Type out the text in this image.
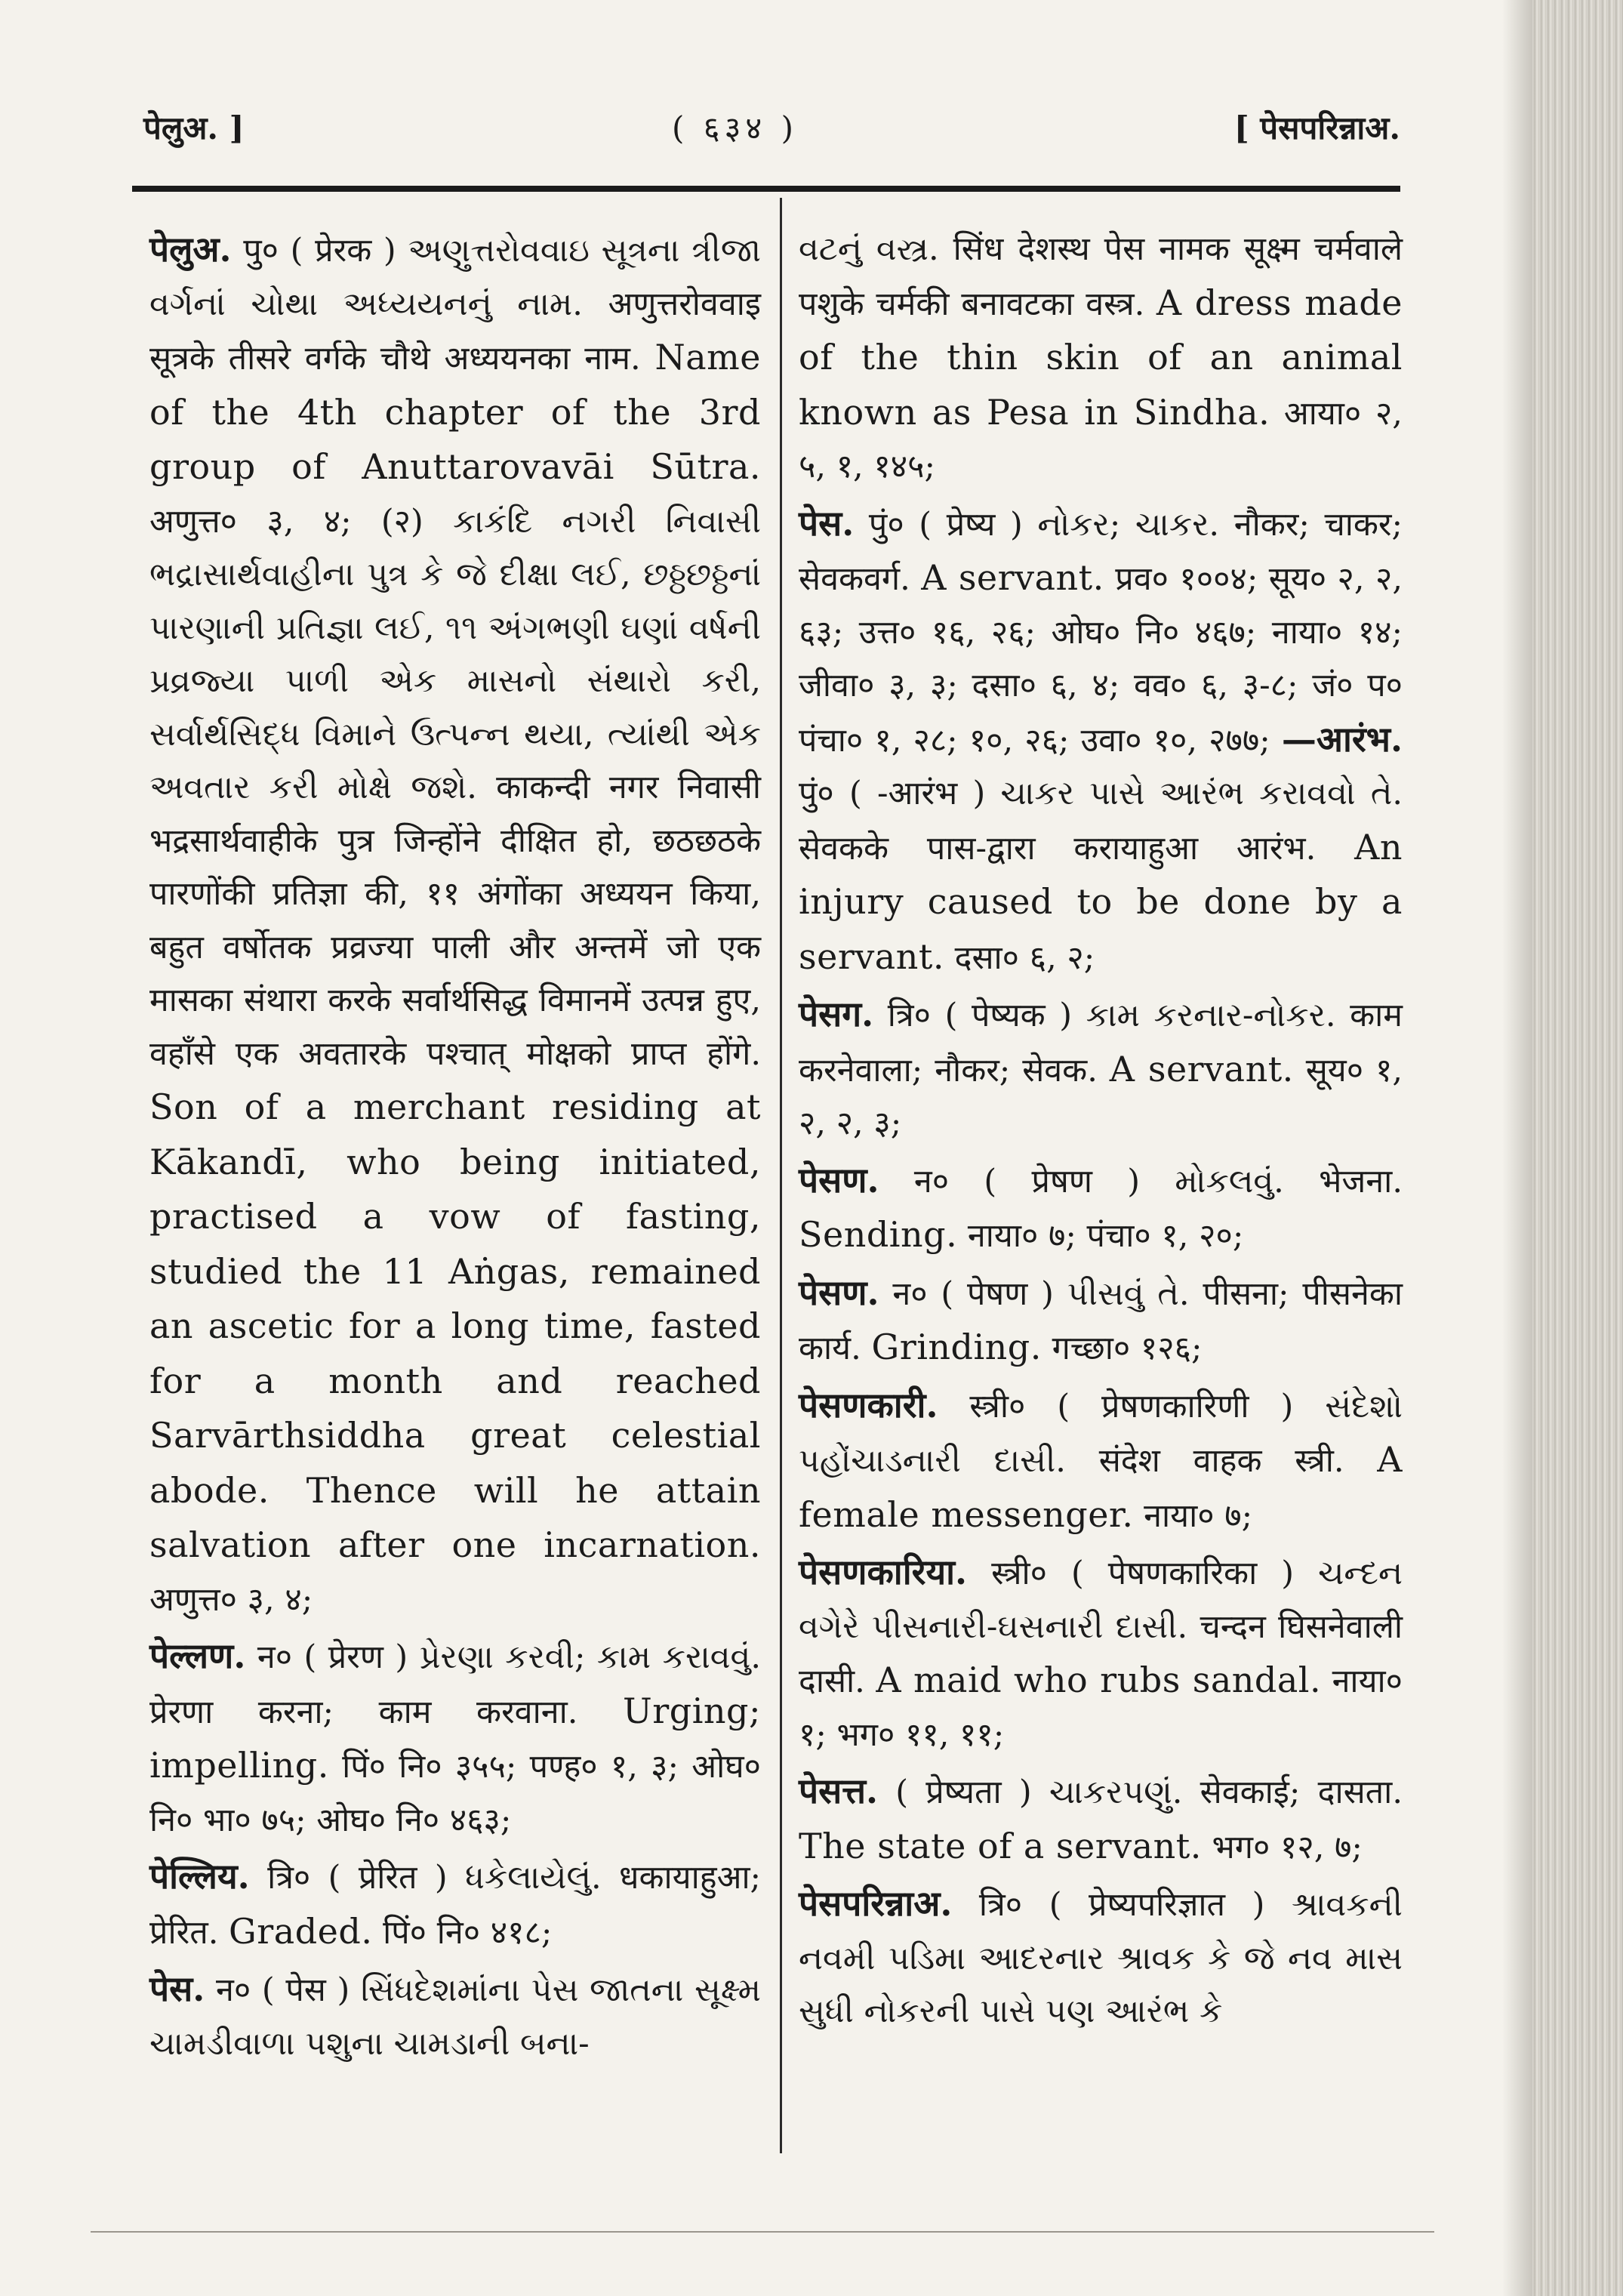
पेलुअ. ]	( ६३४ )	[ पेसपरिन्नाअ.

पेलुअ. पु० ( प्रेरक ) અણુત્તરોવવાઇ સૂત્રના ત્રીજા વર્ગનાં ચોથા અધ્યયનનું નામ. अणुत्तरोववाइ सूत्रके तीसरे वर्गके चौथे अध्ययनका नाम. Name of the 4th chapter of the 3rd group of Anuttarovavāi Sūtra. अणुत्त० ३, ४; (२) કાકંદિ નગરી નિવાસી ભદ્રાસાર્થવાહીના પુત્ર કે જે દીક્ષા લઈ, છઠ્ઠછઠ્ઠનાં પારણાની પ્રતિજ્ઞા લઈ, ૧૧ અંગભણી ઘણાં વર્ષની પ્રવ્રજ્યા પાળી એક માસનો સંથારો કરી, સર્વાર્થસિદ્ધ વિમાને ઉત્પન્ન થયા, ત્યાંથી એક અવતાર કરી મોક્ષે જશે. काकन्दी नगर निवासी भद्रसार्थवाहीके पुत्र जिन्होंने दीक्षित हो, छठछठके पारणोंकी प्रतिज्ञा की, ११ अंगोंका अध्ययन किया, बहुत वर्षोतक प्रव्रज्या पाली और अन्तमें जो एक मासका संथारा करके सर्वार्थसिद्ध विमानमें उत्पन्न हुए, वहाँसे एक अवतारके पश्चात् मोक्षको प्राप्त होंगे. Son of a merchant residing at Kākandī, who being initiated, practised a vow of fasting, studied the 11 Aṅgas, remained an ascetic for a long time, fasted for a month and reached Sarvārthsiddha great celestial abode. Thence will he attain salvation after one incarnation. अणुत्त० ३, ४;

पेल्लण. न० ( प्रेरण ) પ્રેરણા કરવી; કામ કરાવવું. प्रेरणा करना; काम करवाना. Urging; impelling. पिं० नि० ३५५; पण्ह० १, ३; ओघ० नि० भा० ७५; ओघ० नि० ४६३;

पेल्लिय. त्रि० ( प्रेरित ) ધકેલાયેલું. धकायाहुआ; प्रेरित. Graded. पिं० नि० ४१८;

पेस. न० ( पेस ) સિંધદેશમાંના પેસ જાતના સૂક્ષ્મ ચામડીવાળા પશુના ચામડાની બના-

વટનું વસ્ત્ર. सिंध देशस्थ पेस नामक सूक्ष्म चर्मवाले पशुके चर्मकी बनावटका वस्त्र. A dress made of the thin skin of an animal known as Pesa in Sindha. आया० २, ५, १, १४५;

पेस. पुं० ( प्रेष्य ) નોકર; ચાકર. नौकर; चाकर; सेवकवर्ग. A servant. प्रव० १००४; सूय० २, २, ६३; उत्त० १६, २६; ओघ० नि० ४६७; नाया० १४; जीवा० ३, ३; दसा० ६, ४; वव० ६, ३-८; जं० प० पंचा० १, २८; १०, २६; उवा० १०, २७७; —आरंभ. पुं० ( -आरंभ ) ચાકર પાસે આરંભ કરાવવો તે. सेवकके पास-द्वारा करायाहुआ आरंभ. An injury caused to be done by a servant. दसा० ६, २;

पेसग. त्रि० ( पेष्यक ) કામ કરનાર-નોકર. काम करनेवाला; नौकर; सेवक. A servant. सूय० १, २, २, ३;

पेसण. न० ( प्रेषण ) મોકલવું. भेजना. Sending. नाया० ७; पंचा० १, २०;

पेसण. न० ( पेषण ) પીસવું તે. पीसना; पीसनेका कार्य. Grinding. गच्छा० १२६;

पेसणकारी. स्त्री० ( प्रेषणकारिणी ) સંદેશો પહોંચાડનારી દાસી. संदेश वाहक स्त्री. A female messenger. नाया० ७;

पेसणकारिया. स्त्री० ( पेषणकारिका ) ચન્દન વગેરે પીસનારી-ઘસનારી દાસી. चन्दन घिसनेवाली दासी. A maid who rubs sandal. नाया० १; भग० ११, ११;

पेसत्त. ( प्रेष्यता ) ચાકરપણું. सेवकाई; दासता. The state of a servant. भग० १२, ७;

पेसपरिन्नाअ. त्रि० ( प्रेष्यपरिज्ञात ) શ્રાવકની નવમી પડિમા આદરનાર શ્રાવક કે જે નવ માસ સુધી નોકરની પાસે પણ આરંભ કે
